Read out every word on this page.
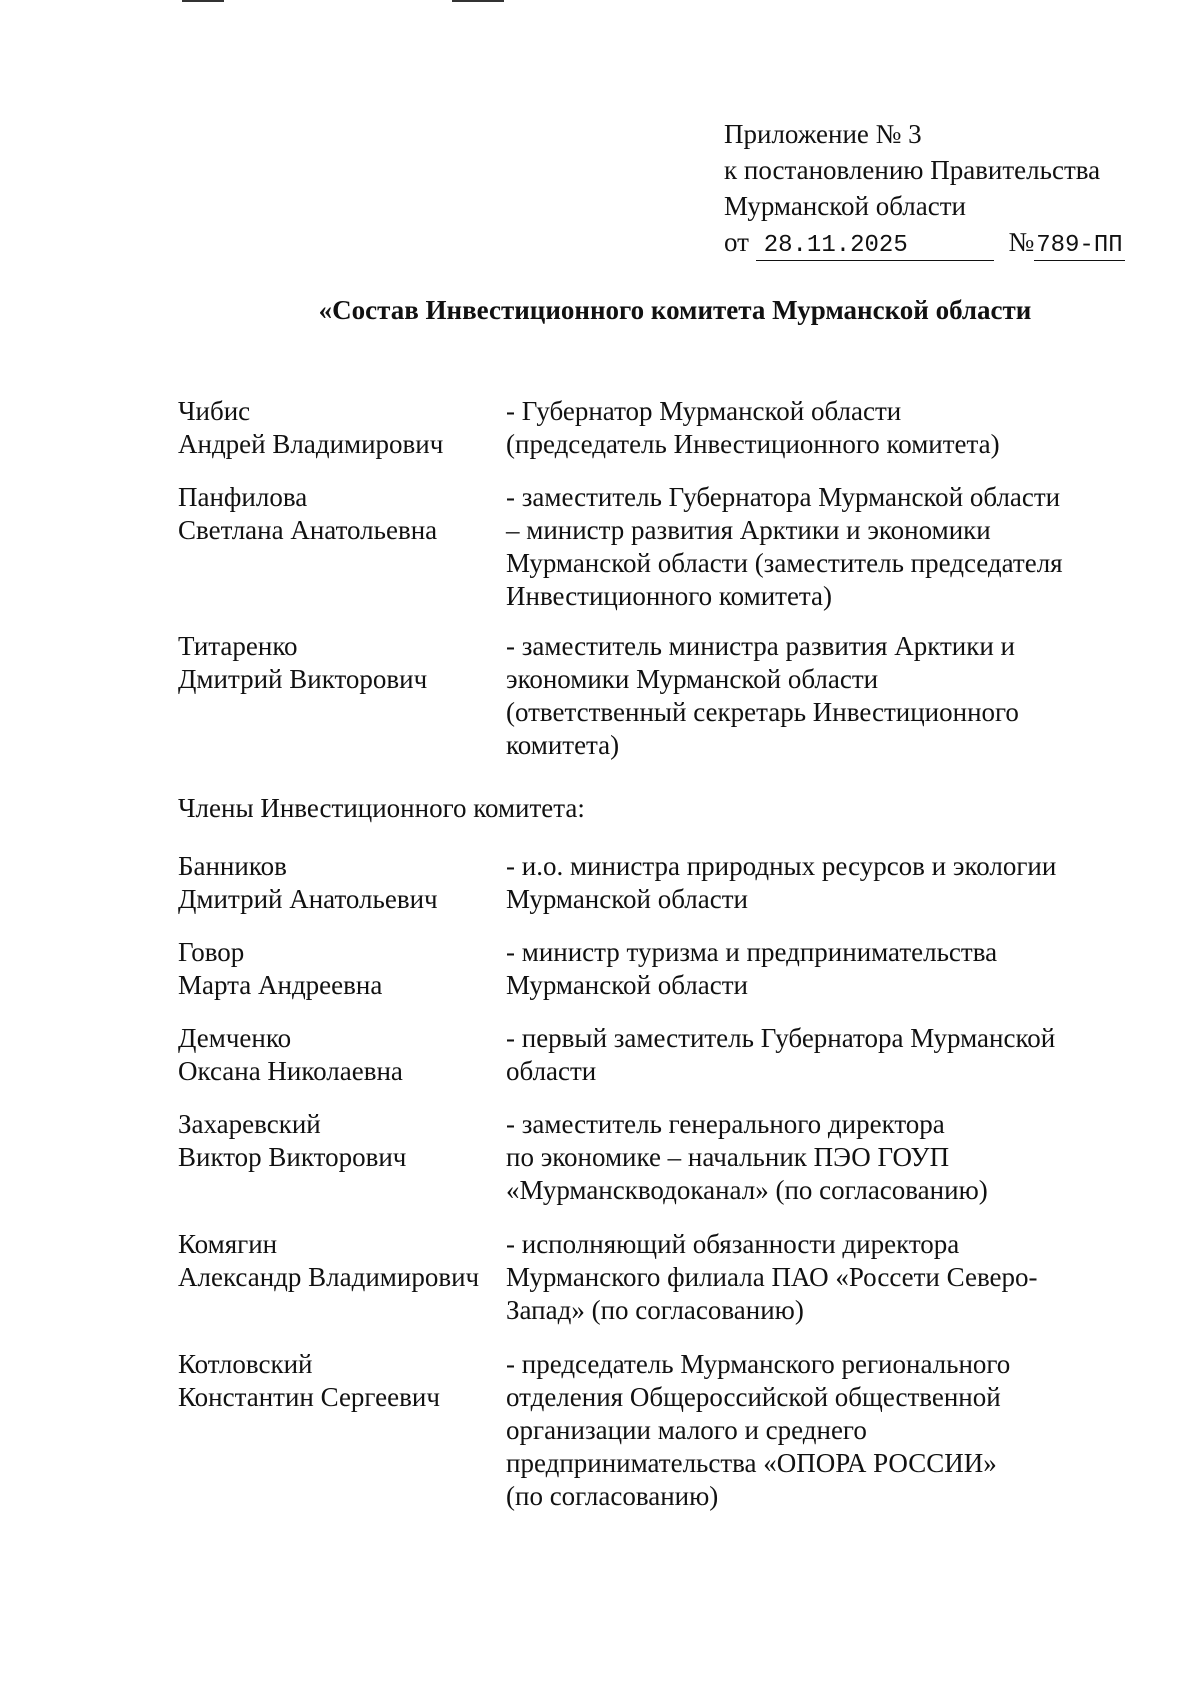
Приложение № 3
к постановлению Правительства
Мурманской области
от 28.11.2025	№789-ПП
«Состав Инвестиционного комитета Мурманской области
Чибис
Андрей Владимирович
- Губернатор Мурманской области
(председатель Инвестиционного комитета)
Панфилова
Светлана Анатольевна
- заместитель Губернатора Мурманской области
– министр развития Арктики и экономики
Мурманской области (заместитель председателя
Инвестиционного комитета)
Титаренко
Дмитрий Викторович
- заместитель министра развития Арктики и
экономики Мурманской области
(ответственный секретарь Инвестиционного
комитета)
Члены Инвестиционного комитета:
Банников
Дмитрий Анатольевич
- и.о. министра природных ресурсов и экологии
Мурманской области
Говор
Марта Андреевна
- министр туризма и предпринимательства
Мурманской области
Демченко
Оксана Николаевна
- первый заместитель Губернатора Мурманской
области
Захаревский
Виктор Викторович
- заместитель генерального директора
по экономике – начальник ПЭО ГОУП
«Мурманскводоканал» (по согласованию)
Комягин
Александр Владимирович
- исполняющий обязанности директора
Мурманского филиала ПАО «Россети Северо-
Запад» (по согласованию)
Котловский
Константин Сергеевич
- председатель Мурманского регионального
отделения Общероссийской общественной
организации малого и среднего
предпринимательства «ОПОРА РОССИИ»
(по согласованию)
